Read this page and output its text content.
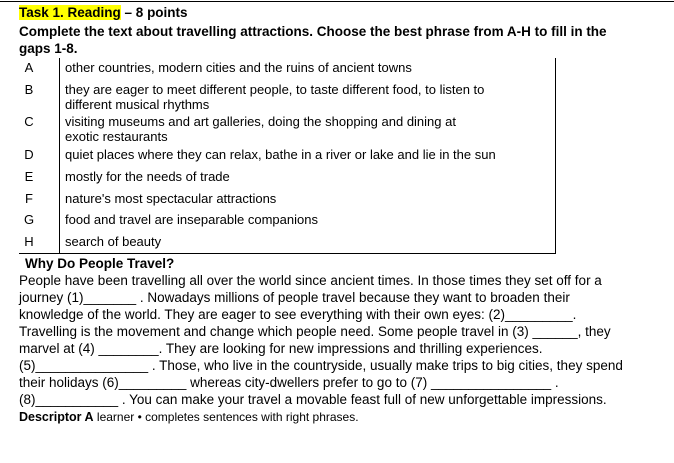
Task 1. Reading – 8 points
Complete the text about travelling attractions. Choose the best phrase from A-H to fill in the
gaps 1-8.
A	other countries, modern cities and the ruins of ancient towns
B	they are eager to meet different people, to taste different food, to listen to
different musical rhythms
C	visiting museums and art galleries, doing the shopping and dining at
exotic restaurants
D	quiet places where they can relax, bathe in a river or lake and lie in the sun
E	mostly for the needs of trade
F	nature's most spectacular attractions
G	food and travel are inseparable companions
H	search of beauty
Why Do People Travel?
People have been travelling all over the world since ancient times. In those times they set off for a
journey (1)_______ . Nowadays millions of people travel because they want to broaden their
knowledge of the world. They are eager to see everything with their own eyes: (2)_________.
Travelling is the movement and change which people need. Some people travel in (3) ______, they
marvel at (4) ________. They are looking for new impressions and thrilling experiences.
(5)_______________ . Those, who live in the countryside, usually make trips to big cities, they spend
their holidays (6)_________ whereas city-dwellers prefer to go to (7) ________________ .
(8)___________ . You can make your travel a movable feast full of new unforgettable impressions.
Descriptor A learner • completes sentences with right phrases.
